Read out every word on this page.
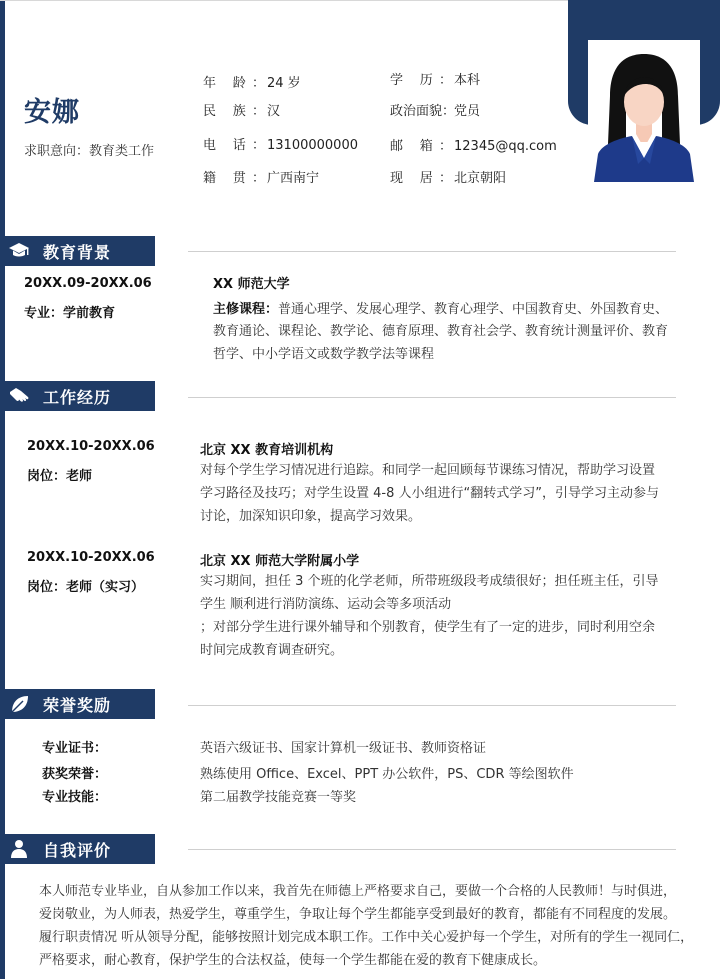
安娜
求职意向：教育类工作
年 龄： 24 岁	学 历： 本科
民 族： 汉	政治面貌：党员
电 话： 13100000000 邮 箱： 12345@qq.com
籍 贯： 广西南宁	现 居： 北京朝阳
教育背景
20XX.09-20XX.06
专业：学前教育
XX 师范大学
主修课程：普通心理学、发展心理学、教育心理学、中国教育史、外国教育史、
教育通论、课程论、教学论、德育原理、教育社会学、教育统计测量评价、教育
哲学、中小学语文或数学教学法等课程
工作经历
20XX.10-20XX.06
岗位：老师
北京 XX 教育培训机构
对每个学生学习情况进行追踪。和同学一起回顾每节课练习情况，帮助学习设置
学习路径及技巧；对学生设置 4-8 人小组进行“翻转式学习”，引导学习主动参与
讨论，加深知识印象，提高学习效果。
20XX.10-20XX.06
岗位：老师（实习）
北京 XX 师范大学附属小学
实习期间，担任 3 个班的化学老师，所带班级段考成绩很好；担任班主任，引导
学生 顺利进行消防演练、运动会等多项活动
；对部分学生进行课外辅导和个别教育，使学生有了一定的进步，同时利用空余
时间完成教育调查研究。
荣誉奖励
专业证书：	英语六级证书、国家计算机一级证书、教师资格证
获奖荣誉：	熟练使用 Office、Excel、PPT 办公软件，PS、CDR 等绘图软件
专业技能：	第二届教学技能竞赛一等奖
自我评价
本人师范专业毕业，自从参加工作以来，我首先在师德上严格要求自己，要做一个合格的人民教师！与时俱进，
爱岗敬业，为人师表，热爱学生，尊重学生，争取让每个学生都能享受到最好的教育，都能有不同程度的发展。
履行职责情况 听从领导分配，能够按照计划完成本职工作。工作中关心爱护每一个学生，对所有的学生一视同仁，
严格要求，耐心教育，保护学生的合法权益，使每一个学生都能在爱的教育下健康成长。
